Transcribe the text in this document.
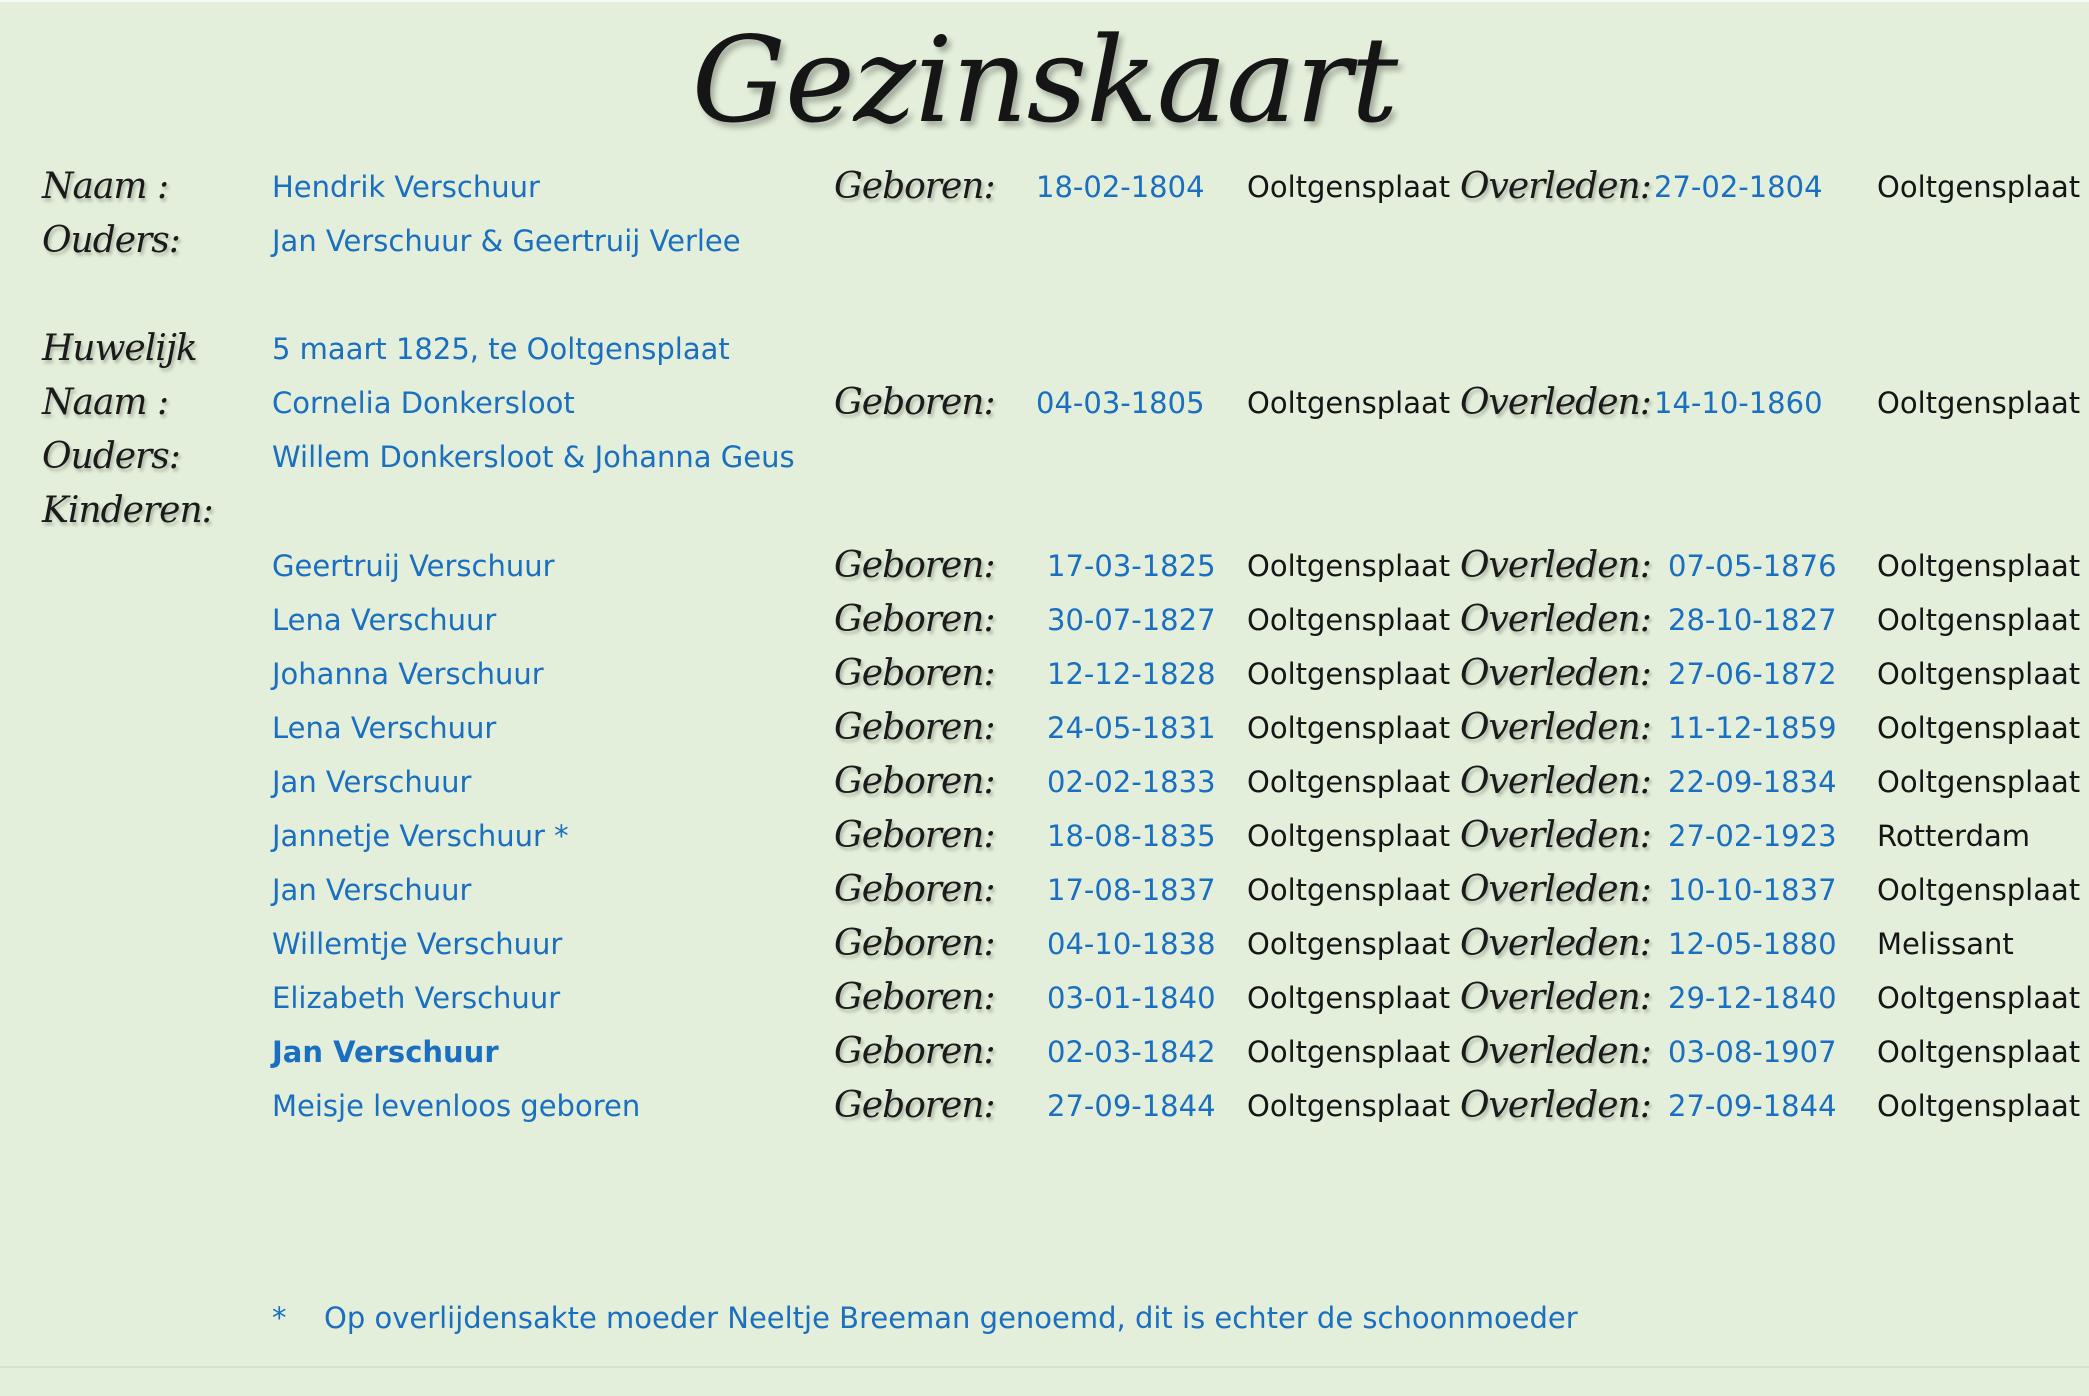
Gezinskaart
Naam :	Hendrik Verschuur	Geboren: 18-02-1804 Ooltgensplaat Overleden: 27-02-1804 Ooltgensplaat
Ouders:	Jan Verschuur & Geertruij Verlee
Huwelijk	5 maart 1825, te Ooltgensplaat
Naam :	Cornelia Donkersloot	Geboren: 04-03-1805 Ooltgensplaat Overleden: 14-10-1860 Ooltgensplaat
Ouders:	Willem Donkersloot & Johanna Geus
Kinderen:
Geertruij Verschuur	Geboren: 17-03-1825 Ooltgensplaat Overleden: 07-05-1876 Ooltgensplaat
Lena Verschuur	Geboren: 30-07-1827 Ooltgensplaat Overleden: 28-10-1827 Ooltgensplaat
Johanna Verschuur	Geboren: 12-12-1828 Ooltgensplaat Overleden: 27-06-1872 Ooltgensplaat
Lena Verschuur	Geboren: 24-05-1831 Ooltgensplaat Overleden: 11-12-1859 Ooltgensplaat
Jan Verschuur	Geboren: 02-02-1833 Ooltgensplaat Overleden: 22-09-1834 Ooltgensplaat
Jannetje Verschuur *	Geboren: 18-08-1835 Ooltgensplaat Overleden: 27-02-1923 Rotterdam
Jan Verschuur	Geboren: 17-08-1837 Ooltgensplaat Overleden: 10-10-1837 Ooltgensplaat
Willemtje Verschuur	Geboren: 04-10-1838 Ooltgensplaat Overleden: 12-05-1880 Melissant
Elizabeth Verschuur	Geboren: 03-01-1840 Ooltgensplaat Overleden: 29-12-1840 Ooltgensplaat
Jan Verschuur	Geboren: 02-03-1842 Ooltgensplaat Overleden: 03-08-1907 Ooltgensplaat
Meisje levenloos geboren	Geboren: 27-09-1844 Ooltgensplaat Overleden: 27-09-1844 Ooltgensplaat
* Op overlijdensakte moeder Neeltje Breeman genoemd, dit is echter de schoonmoeder
